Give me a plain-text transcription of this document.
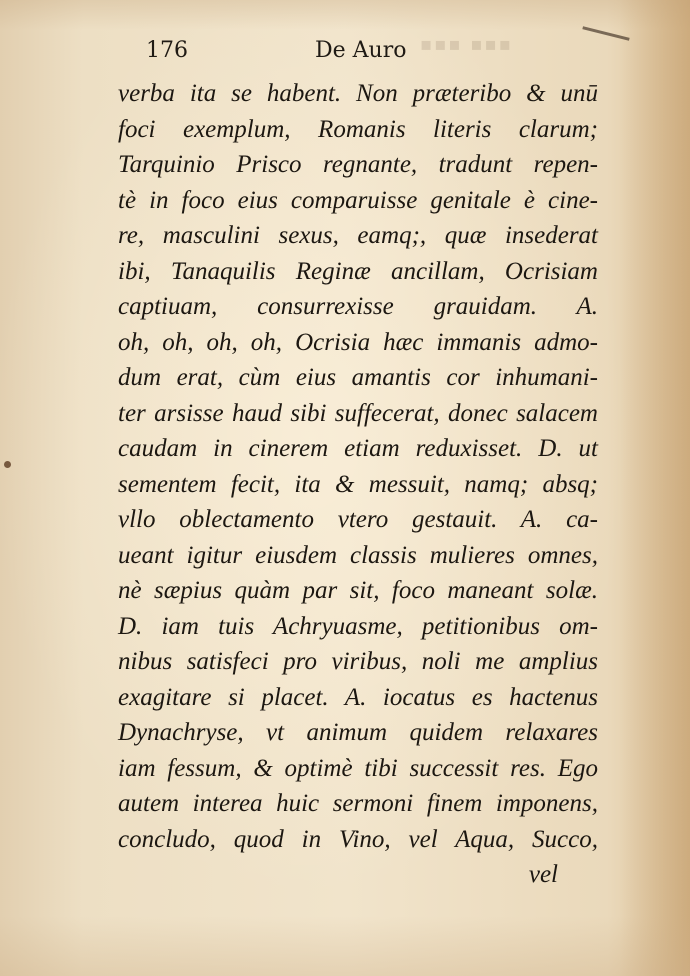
▪▪▪ ▪▪▪
176	De Auro
verba ita se habent. Non prӕteribo & unū
foci exemplum, Romanis literis clarum;
Tarquinio Prisco regnante, tradunt repen-
tè in foco eius comparuisse genitale è cine-
re, masculini sexus, eamq;, quӕ insederat
ibi, Tanaquilis Reginӕ ancillam, Ocrisiam
captiuam, consurrexisse grauidam. A.
oh, oh, oh, oh, Ocrisia hӕc immanis admo-
dum erat, cùm eius amantis cor inhumani-
ter arsisse haud sibi suffecerat, donec salacem
caudam in cinerem etiam reduxisset. D. ut
sementem fecit, ita & messuit, namq; absq;
vllo oblectamento vtero gestauit. A. ca-
ueant igitur eiusdem classis mulieres omnes,
nè sӕpius quàm par sit, foco maneant solӕ.
D. iam tuis Achryuasme, petitionibus om-
nibus satisfeci pro viribus, noli me amplius
exagitare si placet. A. iocatus es hactenus
Dynachryse, vt animum quidem relaxares
iam fessum, & optimè tibi successit res. Ego
autem interea huic sermoni finem imponens,
concludo, quod in Vino, vel Aqua, Succo,
vel
